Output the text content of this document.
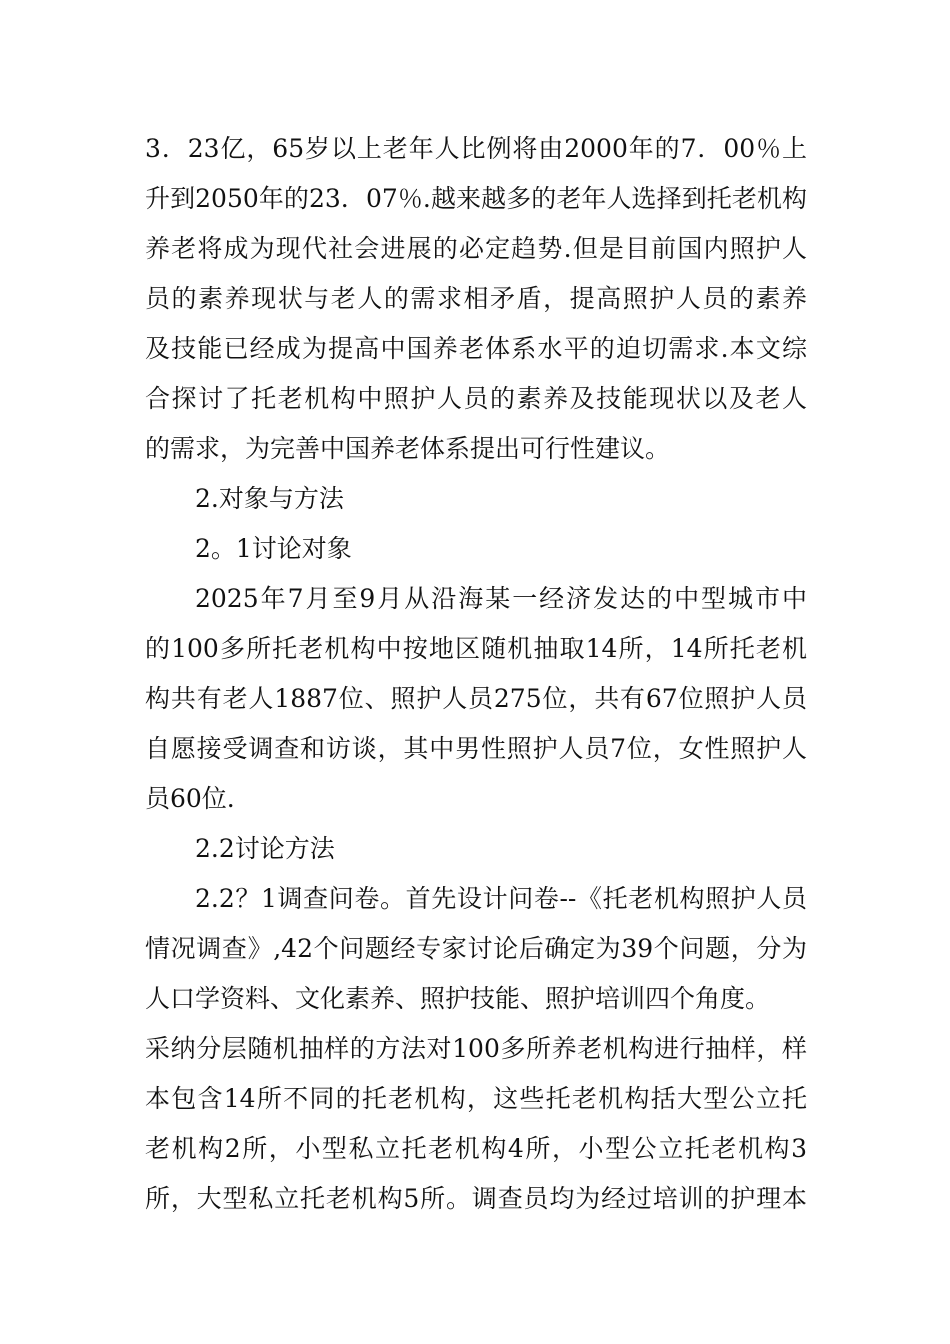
3．23亿，65岁以上老年人比例将由2000年的7．00％上
升到2050年的23．07％.越来越多的老年人选择到托老机构
养老将成为现代社会进展的必定趋势.但是目前国内照护人
员的素养现状与老人的需求相矛盾，提高照护人员的素养
及技能已经成为提高中国养老体系水平的迫切需求.本文综
合探讨了托老机构中照护人员的素养及技能现状以及老人
的需求，为完善中国养老体系提出可行性建议。
2.对象与方法
2。1讨论对象
2025年7月至9月从沿海某一经济发达的中型城市中
的100多所托老机构中按地区随机抽取14所，14所托老机
构共有老人1887位、照护人员275位，共有67位照护人员
自愿接受调查和访谈，其中男性照护人员7位，女性照护人
员60位.
2.2讨论方法
2.2？1调查问卷。首先设计问卷--《托老机构照护人员
情况调查》,42个问题经专家讨论后确定为39个问题，分为
人口学资料、文化素养、照护技能、照护培训四个角度。
采纳分层随机抽样的方法对100多所养老机构进行抽样，样
本包含14所不同的托老机构，这些托老机构括大型公立托
老机构2所，小型私立托老机构4所，小型公立托老机构3
所，大型私立托老机构5所。调查员均为经过培训的护理本
